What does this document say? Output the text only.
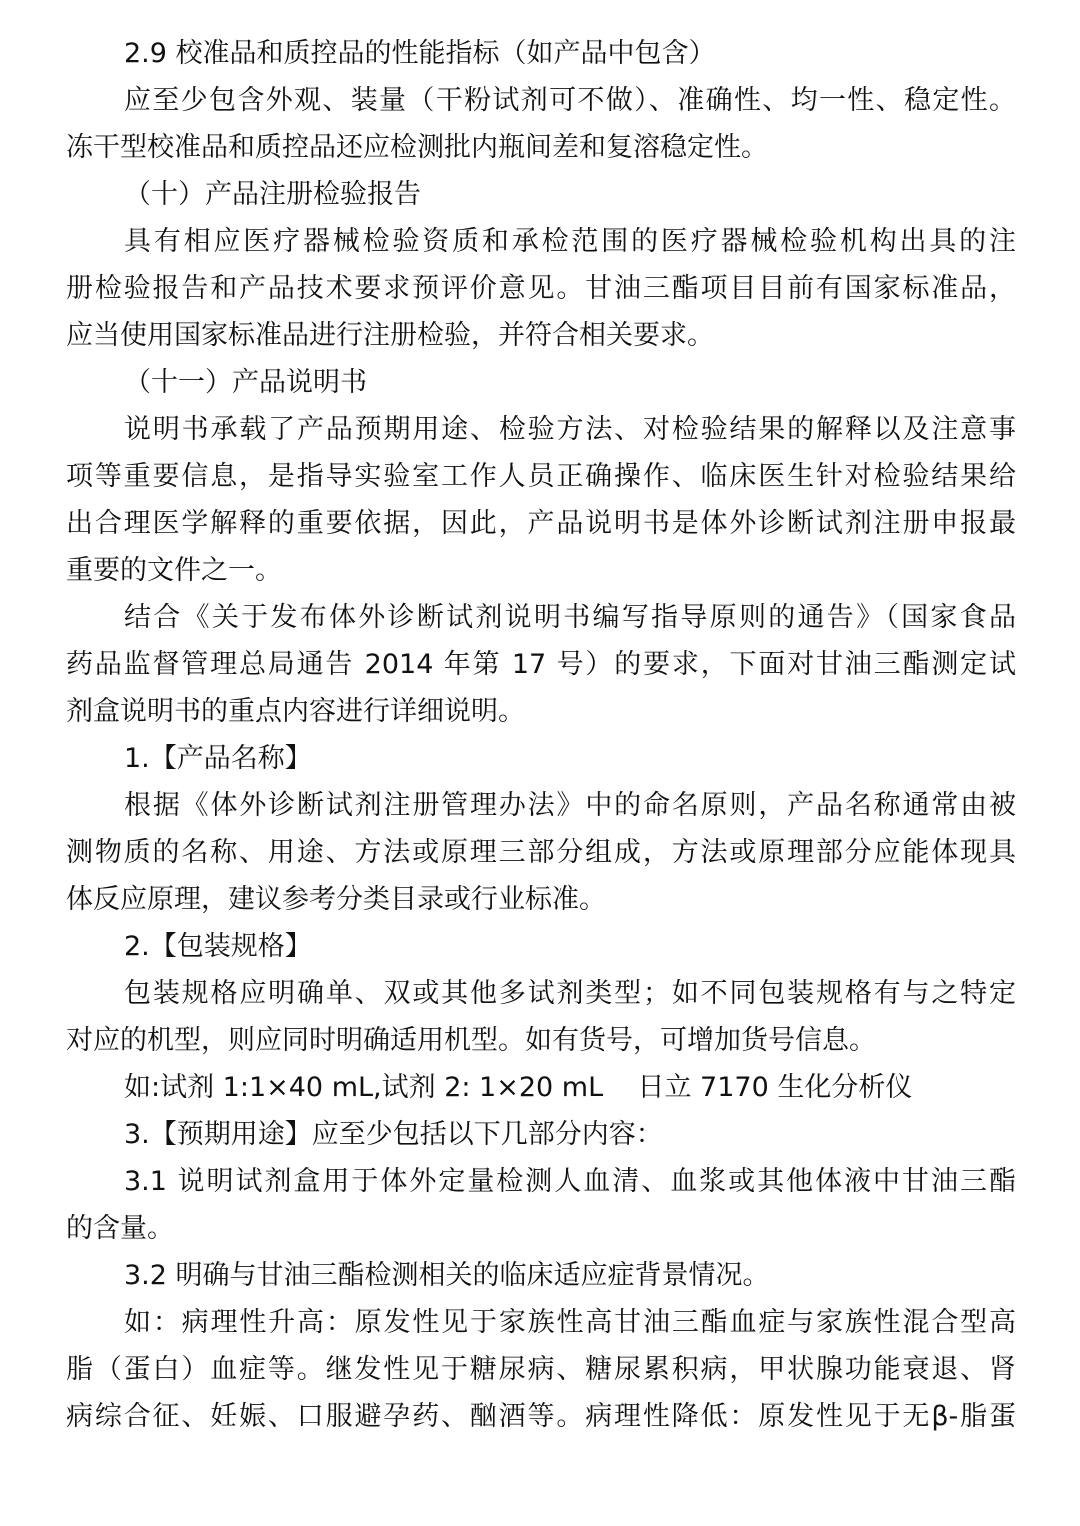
2.9 校准品和质控品的性能指标（如产品中包含）
应至少包含外观、装量（干粉试剂可不做）、准确性、均一性、稳定性。
冻干型校准品和质控品还应检测批内瓶间差和复溶稳定性。
（十）产品注册检验报告
具有相应医疗器械检验资质和承检范围的医疗器械检验机构出具的注
册检验报告和产品技术要求预评价意见。甘油三酯项目目前有国家标准品，
应当使用国家标准品进行注册检验，并符合相关要求。
（十一）产品说明书
说明书承载了产品预期用途、检验方法、对检验结果的解释以及注意事
项等重要信息，是指导实验室工作人员正确操作、临床医生针对检验结果给
出合理医学解释的重要依据，因此，产品说明书是体外诊断试剂注册申报最
重要的文件之一。
结合《关于发布体外诊断试剂说明书编写指导原则的通告》（国家食品
药品监督管理总局通告 2014 年第 17 号）的要求，下面对甘油三酯测定试
剂盒说明书的重点内容进行详细说明。
1.【产品名称】
根据《体外诊断试剂注册管理办法》中的命名原则，产品名称通常由被
测物质的名称、用途、方法或原理三部分组成，方法或原理部分应能体现具
体反应原理，建议参考分类目录或行业标准。
2.【包装规格】
包装规格应明确单、双或其他多试剂类型；如不同包装规格有与之特定
对应的机型，则应同时明确适用机型。如有货号，可增加货号信息。
如:试剂 1:1×40 mL,试剂 2: 1×20 mL    日立 7170 生化分析仪
3.【预期用途】应至少包括以下几部分内容：
3.1 说明试剂盒用于体外定量检测人血清、血浆或其他体液中甘油三酯
的含量。
3.2 明确与甘油三酯检测相关的临床适应症背景情况。
如：病理性升高：原发性见于家族性高甘油三酯血症与家族性混合型高
脂（蛋白）血症等。继发性见于糖尿病、糖尿累积病，甲状腺功能衰退、肾
病综合征、妊娠、口服避孕药、酗酒等。病理性降低：原发性见于无β-脂蛋
